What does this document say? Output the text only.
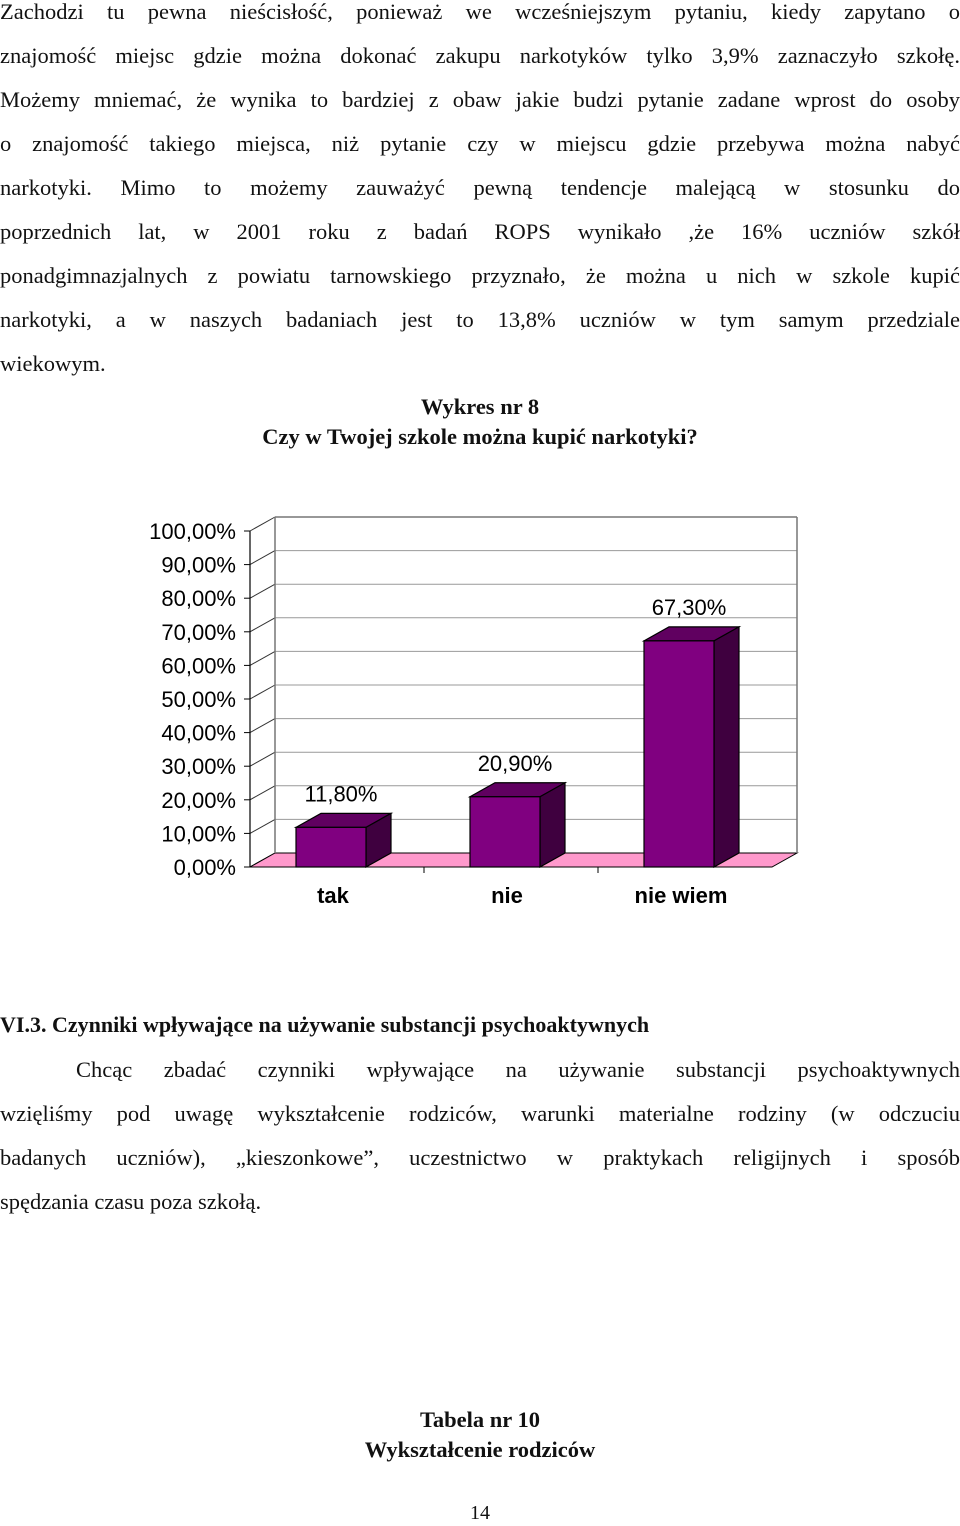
Zachodzi tu pewna nieścisłość, ponieważ we wcześniejszym pytaniu, kiedy zapytano o
znajomość miejsc gdzie można dokonać zakupu narkotyków tylko 3,9% zaznaczyło szkołę.
Możemy mniemać, że wynika to bardziej z obaw jakie budzi pytanie zadane wprost do osoby
o znajomość takiego miejsca, niż pytanie czy w miejscu gdzie przebywa można nabyć
narkotyki. Mimo to możemy zauważyć pewną tendencje malejącą w stosunku do
poprzednich lat, w 2001 roku z badań ROPS wynikało ,że 16% uczniów szkół
ponadgimnazjalnych z powiatu tarnowskiego przyznało, że można u nich w szkole kupić
narkotyki, a w naszych badaniach jest to 13,8% uczniów w tym samym przedziale
wiekowym.
Wykres nr 8
Czy w Twojej szkole można kupić narkotyki?
0,00%
10,00%
20,00%
30,00%
40,00%
50,00%
60,00%
70,00%
80,00%
90,00%
100,00%
11,80%
tak
20,90%
nie
67,30%
nie wiem
VI.3. Czynniki wpływające na używanie substancji psychoaktywnych
Chcąc zbadać czynniki wpływające na używanie substancji psychoaktywnych
wzięliśmy pod uwagę wykształcenie rodziców, warunki materialne rodziny (w odczuciu
badanych uczniów), „kieszonkowe”, uczestnictwo w praktykach religijnych i sposób
spędzania czasu poza szkołą.
Tabela nr 10
Wykształcenie rodziców
14
